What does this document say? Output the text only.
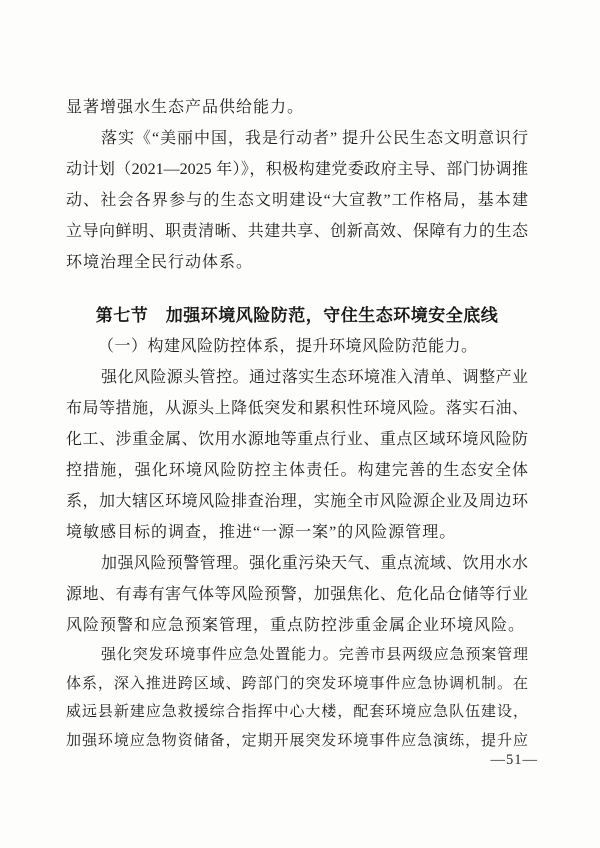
显著增强水生态产品供给能力。
落实《“美丽中国，我是行动者” 提升公民生态文明意识行
动计划（2021—2025 年）》，积极构建党委政府主导、部门协调推
动、社会各界参与的生态文明建设“大宣教”工作格局，基本建
立导向鲜明、职责清晰、共建共享、创新高效、保障有力的生态
环境治理全民行动体系。
第七节　加强环境风险防范，守住生态环境安全底线
（一）构建风险防控体系，提升环境风险防范能力。
强化风险源头管控。通过落实生态环境准入清单、调整产业
布局等措施，从源头上降低突发和累积性环境风险。落实石油、
化工、涉重金属、饮用水源地等重点行业、重点区域环境风险防
控措施，强化环境风险防控主体责任。构建完善的生态安全体
系，加大辖区环境风险排查治理，实施全市风险源企业及周边环
境敏感目标的调查，推进“一源一案”的风险源管理。
加强风险预警管理。强化重污染天气、重点流域、饮用水水
源地、有毒有害气体等风险预警，加强焦化、危化品仓储等行业
风险预警和应急预案管理，重点防控涉重金属企业环境风险。
强化突发环境事件应急处置能力。完善市县两级应急预案管理
体系，深入推进跨区域、跨部门的突发环境事件应急协调机制。在
威远县新建应急救援综合指挥中心大楼，配套环境应急队伍建设，
加强环境应急物资储备，定期开展突发环境事件应急演练，提升应
—51—
